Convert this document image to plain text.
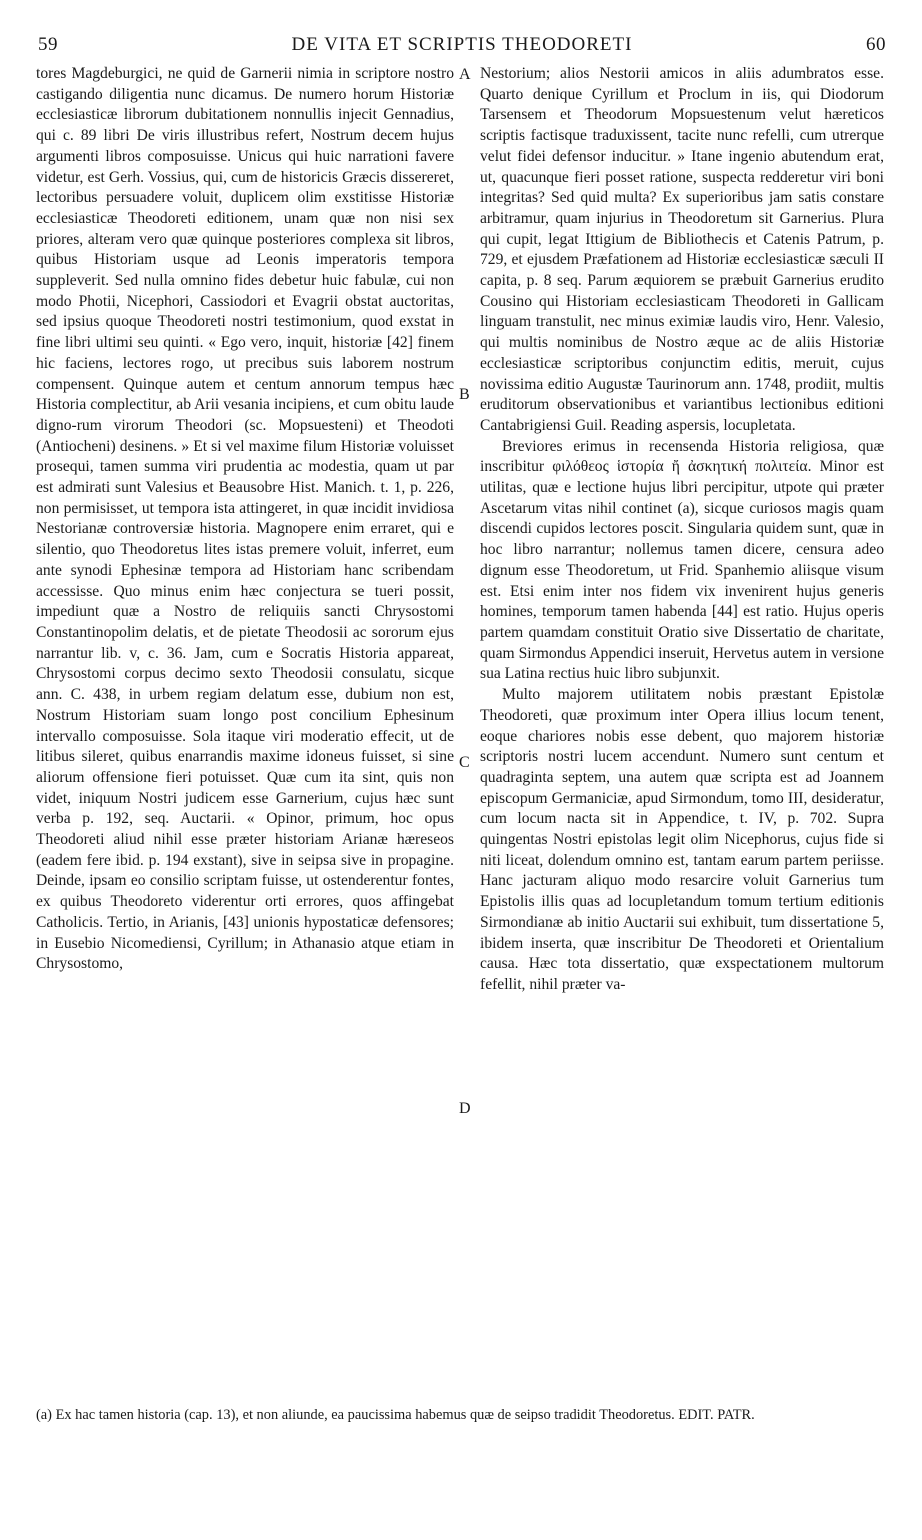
59	DE VITA ET SCRIPTIS THEODORETI	60

tores Magdeburgici, ne quid de Garnerii nimia in scriptore nostro castigando diligentia nunc dicamus. De numero horum Historiæ ecclesiasticæ librorum dubitationem nonnullis injecit Gennadius, qui c. 89 libri De viris illustribus refert, Nostrum decem hujus argumenti libros composuisse. Unicus qui huic narrationi favere videtur, est Gerh. Vossius, qui, cum de historicis Græcis dissereret, lectoribus persuadere voluit, duplicem olim exstitisse Historiæ ecclesiasticæ Theodoreti editionem, unam quæ non nisi sex priores, alteram vero quæ quinque posteriores complexa sit libros, quibus Historiam usque ad Leonis imperatoris tempora suppleverit. Sed nulla omnino fides debetur huic fabulæ, cui non modo Photii, Nicephori, Cassiodori et Evagrii obstat auctoritas, sed ipsius quoque Theodoreti nostri testimonium, quod exstat in fine libri ultimi seu quinti. « Ego vero, inquit, historiæ [42] finem hic faciens, lectores rogo, ut precibus suis laborem nostrum compensent. Quinque autem et centum annorum tempus hæc Historia complectitur, ab Arii vesania incipiens, et cum obitu laude digno-rum virorum Theodori (sc. Mopsuesteni) et Theodoti (Antiocheni) desinens. » Et si vel maxime filum Historiæ voluisset prosequi, tamen summa viri prudentia ac modestia, quam ut par est admirati sunt Valesius et Beausobre Hist. Manich. t. 1, p. 226, non permisisset, ut tempora ista attingeret, in quæ incidit invidiosa Nestorianæ controversiæ historia. Magnopere enim erraret, qui e silentio, quo Theodoretus lites istas premere voluit, inferret, eum ante synodi Ephesinæ tempora ad Historiam hanc scribendam accessisse. Quo minus enim hæc conjectura se tueri possit, impediunt quæ a Nostro de reliquiis sancti Chrysostomi Constantinopolim delatis, et de pietate Theodosii ac sororum ejus narrantur lib. v, c. 36. Jam, cum e Socratis Historia appareat, Chrysostomi corpus decimo sexto Theodosii consulatu, sicque ann. C. 438, in urbem regiam delatum esse, dubium non est, Nostrum Historiam suam longo post concilium Ephesinum intervallo composuisse. Sola itaque viri moderatio effecit, ut de litibus sileret, quibus enarrandis maxime idoneus fuisset, si sine aliorum offensione fieri potuisset. Quæ cum ita sint, quis non videt, iniquum Nostri judicem esse Garnerium, cujus hæc sunt verba p. 192, seq. Auctarii. « Opinor, primum, hoc opus Theodoreti aliud nihil esse præter historiam Arianæ hæreseos (eadem fere ibid. p. 194 exstant), sive in seipsa sive in propagine. Deinde, ipsam eo consilio scriptam fuisse, ut ostenderentur fontes, ex quibus Theodoreto viderentur orti errores, quos affingebat Catholicis. Tertio, in Arianis, [43] unionis hypostaticæ defensores; in Eusebio Nicomediensi, Cyrillum; in Athanasio atque etiam in Chrysostomo,

A
B
C
D

Nestorium; alios Nestorii amicos in aliis adumbratos esse. Quarto denique Cyrillum et Proclum in iis, qui Diodorum Tarsensem et Theodorum Mopsuestenum velut hæreticos scriptis factisque traduxissent, tacite nunc refelli, cum utrerque velut fidei defensor inducitur. » Itane ingenio abutendum erat, ut, quacunque fieri posset ratione, suspecta redderetur viri boni integritas? Sed quid multa? Ex superioribus jam satis constare arbitramur, quam injurius in Theodoretum sit Garnerius. Plura qui cupit, legat Ittigium de Bibliothecis et Catenis Patrum, p. 729, et ejusdem Præfationem ad Historiæ ecclesiasticæ sæculi II capita, p. 8 seq. Parum æquiorem se præbuit Garnerius erudito Cousino qui Historiam ecclesiasticam Theodoreti in Gallicam linguam transtulit, nec minus eximiæ laudis viro, Henr. Valesio, qui multis nominibus de Nostro æque ac de aliis Historiæ ecclesiasticæ scriptoribus conjunctim editis, meruit, cujus novissima editio Augustæ Taurinorum ann. 1748, prodiit, multis eruditorum observationibus et variantibus lectionibus editioni Cantabrigiensi Guil. Reading aspersis, locupletata.

Breviores erimus in recensenda Historia religiosa, quæ inscribitur φιλόθεος ἱστορία ἤ ἀσκητική πολιτεία. Minor est utilitas, quæ e lectione hujus libri percipitur, utpote qui præter Ascetarum vitas nihil continet (a), sicque curiosos magis quam discendi cupidos lectores poscit. Singularia quidem sunt, quæ in hoc libro narrantur; nollemus tamen dicere, censura adeo dignum esse Theodoretum, ut Frid. Spanhemio aliisque visum est. Etsi enim inter nos fidem vix invenirent hujus generis homines, temporum tamen habenda [44] est ratio. Hujus operis partem quamdam constituit Oratio sive Dissertatio de charitate, quam Sirmondus Appendici inseruit, Hervetus autem in versione sua Latina rectius huic libro subjunxit.

Multo majorem utilitatem nobis præstant Epistolæ Theodoreti, quæ proximum inter Opera illius locum tenent, eoque chariores nobis esse debent, quo majorem historiæ scriptoris nostri lucem accendunt. Numero sunt centum et quadraginta septem, una autem quæ scripta est ad Joannem episcopum Germaniciæ, apud Sirmondum, tomo III, desideratur, cum locum nacta sit in Appendice, t. IV, p. 702. Supra quingentas Nostri epistolas legit olim Nicephorus, cujus fide si niti liceat, dolendum omnino est, tantam earum partem periisse. Hanc jacturam aliquo modo resarcire voluit Garnerius tum Epistolis illis quas ad locupletandum tomum tertium editionis Sirmondianæ ab initio Auctarii sui exhibuit, tum dissertatione 5, ibidem inserta, quæ inscribitur De Theodoreti et Orientalium causa. Hæc tota dissertatio, quæ exspectationem multorum fefellit, nihil præter va-

(a) Ex hac tamen historia (cap. 13), et non aliunde, ea paucissima habemus quæ de seipso tradidit Theodoretus. EDIT. PATR.
